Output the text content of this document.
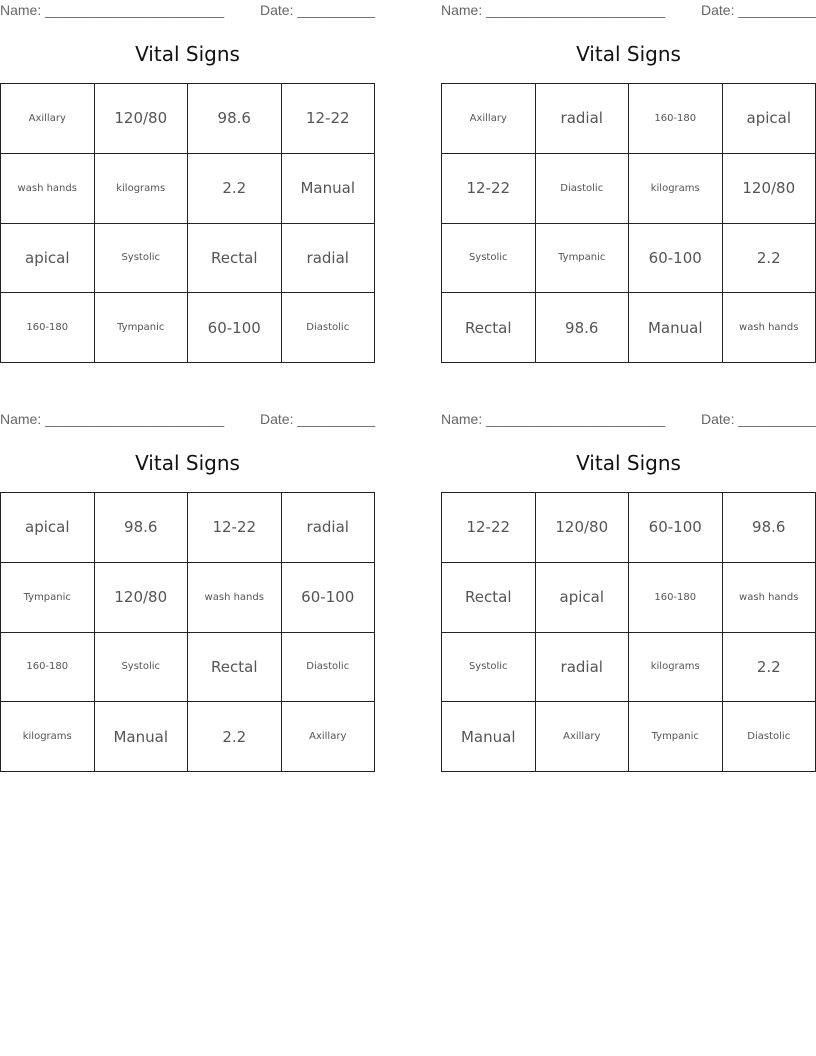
Name: _______________________	Date: __________
Vital Signs
Axillary	120/80	98.6	12-22
wash hands	kilograms	2.2	Manual
apical	Systolic	Rectal	radial
160-180	Tympanic	60-100	Diastolic
Name: _______________________	Date: __________
Vital Signs
Axillary	radial	160-180	apical
12-22	Diastolic	kilograms	120/80
Systolic	Tympanic	60-100	2.2
Rectal	98.6	Manual	wash hands
Name: _______________________	Date: __________
Vital Signs
apical	98.6	12-22	radial
Tympanic	120/80	wash hands	60-100
160-180	Systolic	Rectal	Diastolic
kilograms	Manual	2.2	Axillary
Name: _______________________	Date: __________
Vital Signs
12-22	120/80	60-100	98.6
Rectal	apical	160-180	wash hands
Systolic	radial	kilograms	2.2
Manual	Axillary	Tympanic	Diastolic
